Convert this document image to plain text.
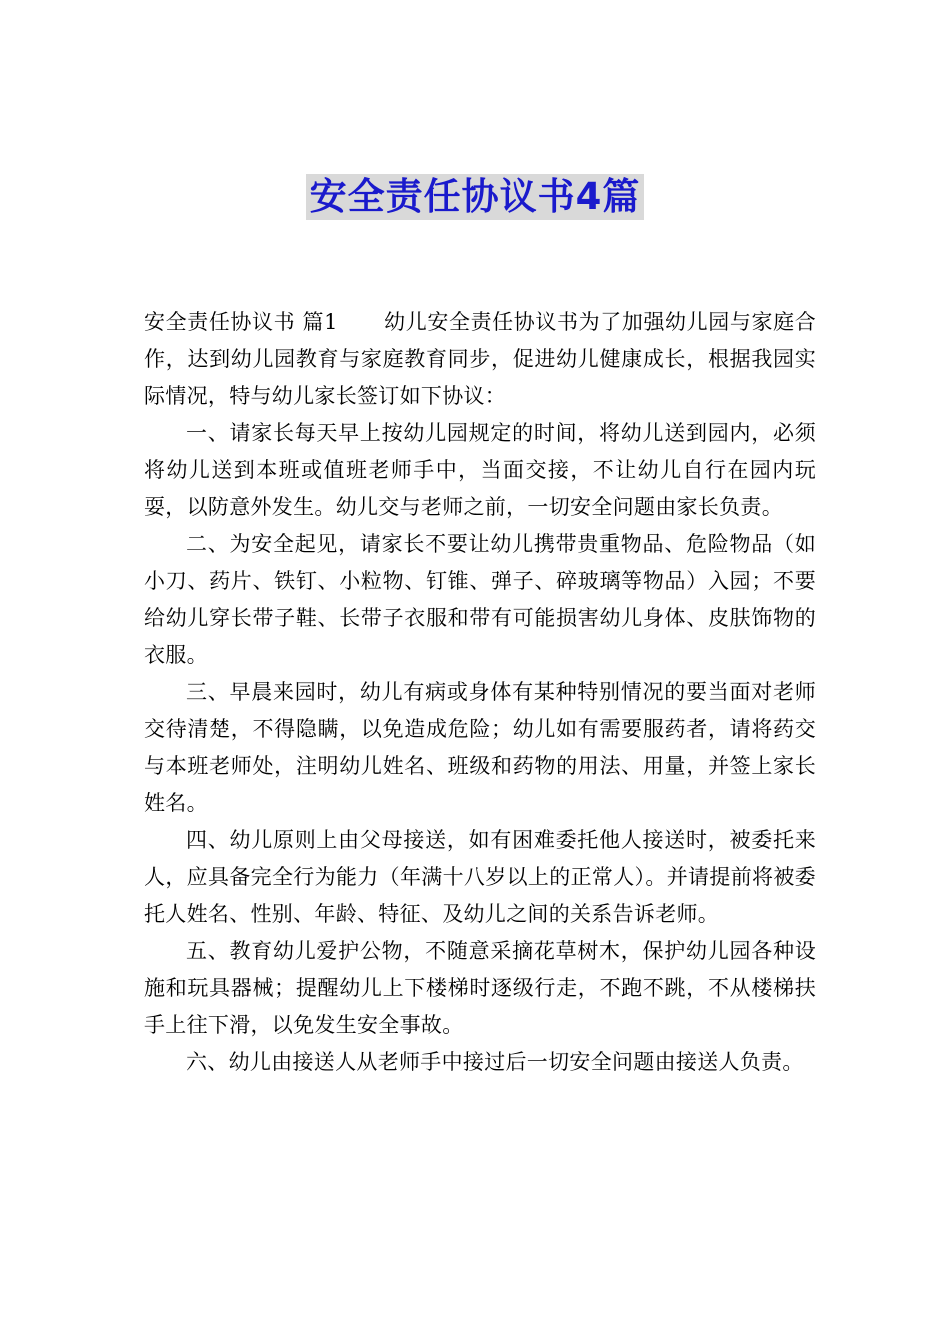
安全责任协议书4篇

安全责任协议书 篇1 幼儿安全责任协议书为了加强幼儿园与家庭合作，达到幼儿园教育与家庭教育同步，促进幼儿健康成长，根据我园实际情况，特与幼儿家长签订如下协议：

一、请家长每天早上按幼儿园规定的时间，将幼儿送到园内，必须将幼儿送到本班或值班老师手中，当面交接，不让幼儿自行在园内玩耍，以防意外发生。幼儿交与老师之前，一切安全问题由家长负责。

二、为安全起见，请家长不要让幼儿携带贵重物品、危险物品（如小刀、药片、铁钉、小粒物、钉锥、弹子、碎玻璃等物品）入园；不要给幼儿穿长带子鞋、长带子衣服和带有可能损害幼儿身体、皮肤饰物的衣服。

三、早晨来园时，幼儿有病或身体有某种特别情况的要当面对老师交待清楚，不得隐瞒，以免造成危险；幼儿如有需要服药者，请将药交与本班老师处，注明幼儿姓名、班级和药物的用法、用量，并签上家长姓名。

四、幼儿原则上由父母接送，如有困难委托他人接送时，被委托来人，应具备完全行为能力（年满十八岁以上的正常人）。并请提前将被委托人姓名、性别、年龄、特征、及幼儿之间的关系告诉老师。

五、教育幼儿爱护公物，不随意采摘花草树木，保护幼儿园各种设施和玩具器械；提醒幼儿上下楼梯时逐级行走，不跑不跳，不从楼梯扶手上往下滑，以免发生安全事故。

六、幼儿由接送人从老师手中接过后一切安全问题由接送人负责。
